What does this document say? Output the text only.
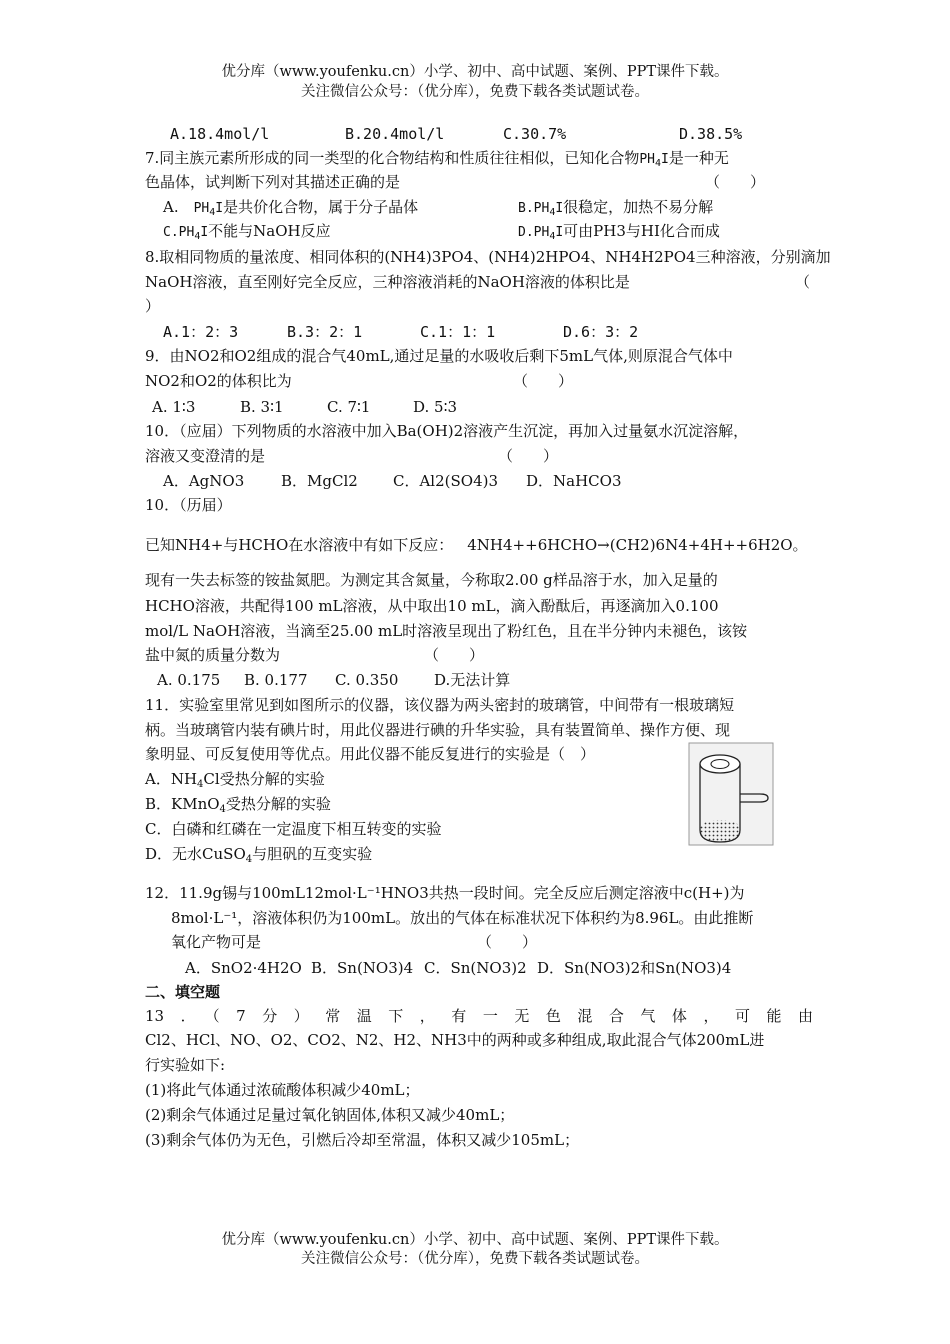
优分库（www.youfenku.cn）小学、初中、高中试题、案例、PPT课件下载。
关注微信公众号：（优分库），免费下载各类试题试卷。
A.18.4mol/l	B.20.4mol/l	C.30.7%	D.38.5%
7.同主族元素所形成的同一类型的化合物结构和性质往往相似，已知化合物$PH_4I$是一种无
色晶体，试判断下列对其描述正确的是	（　　）
A.　$PH_4I$是共价化合物，属于分子晶体	$B.PH_4I$很稳定，加热不易分解
$C.PH_4I$不能与NaOH反应	$D.PH_4I$可由PH3与HI化合而成
8.取相同物质的量浓度、相同体积的(NH4)3PO4、(NH4)2HPO4、NH4H2PO4三种溶液，分别滴加
NaOH溶液，直至刚好完全反应，三种溶液消耗的NaOH溶液的体积比是	（
）
A.1：2：3	B.3：2：1	C.1：1：1	D.6：3：2
9．由NO2和O2组成的混合气40mL,通过足量的水吸收后剩下5mL气体,则原混合气体中
NO2和O2的体积比为	（　　）
A. 1∶3	B. 3∶1	C. 7∶1	D. 5∶3
10．（应届）下列物质的水溶液中加入Ba(OH)2溶液产生沉淀，再加入过量氨水沉淀溶解，
溶液又变澄清的是	（　　）
A．AgNO3 B．MgCl2 C．Al2(SO4)3 D．NaHCO3
10．（历届）
已知NH4+与HCHO在水溶液中有如下反应： 4NH4++6HCHO→(CH2)6N4+4H++6H2O。
现有一失去标签的铵盐氮肥。为测定其含氮量，今称取2.00 g样品溶于水，加入足量的
HCHO溶液，共配得100 mL溶液，从中取出10 mL，滴入酚酞后，再逐滴加入0.100
mol/L NaOH溶液，当滴至25.00 mL时溶液呈现出了粉红色，且在半分钟内未褪色，该铵
盐中氮的质量分数为	（　　）
A. 0.175 B. 0.177 C. 0.350 D.无法计算
11．实验室里常见到如图所示的仪器，该仪器为两头密封的玻璃管，中间带有一根玻璃短
柄。当玻璃管内装有碘片时，用此仪器进行碘的升华实验，具有装置简单、操作方便、现
象明显、可反复使用等优点。用此仪器不能反复进行的实验是（　）
A．$NH_4Cl$受热分解的实验
B．KMnO$_4$受热分解的实验
C．白磷和红磷在一定温度下相互转变的实验
D．无水CuSO$_4$与胆矾的互变实验
12．11.9g锡与100mL12mol·L⁻¹HNO3共热一段时间。完全反应后测定溶液中c(H+)为
8mol·L⁻¹，溶液体积仍为100mL。放出的气体在标准状况下体积约为8.96L。由此推断
氧化产物可是	（　　）
A．SnO2·4H2O B．Sn(NO3)4 C．Sn(NO3)2 D．Sn(NO3)2和Sn(NO3)4
二、填空题
13．（7分）常温下，有一无色混合气体，可能由
Cl2、HCl、NO、O2、CO2、N2、H2、NH3中的两种或多种组成,取此混合气体200mL进
行实验如下:
(1)将此气体通过浓硫酸体积减少40mL；
(2)剩余气体通过足量过氧化钠固体,体积又减少40mL；
(3)剩余气体仍为无色，引燃后冷却至常温，体积又减少105mL；
优分库（www.youfenku.cn）小学、初中、高中试题、案例、PPT课件下载。
关注微信公众号：（优分库），免费下载各类试题试卷。
